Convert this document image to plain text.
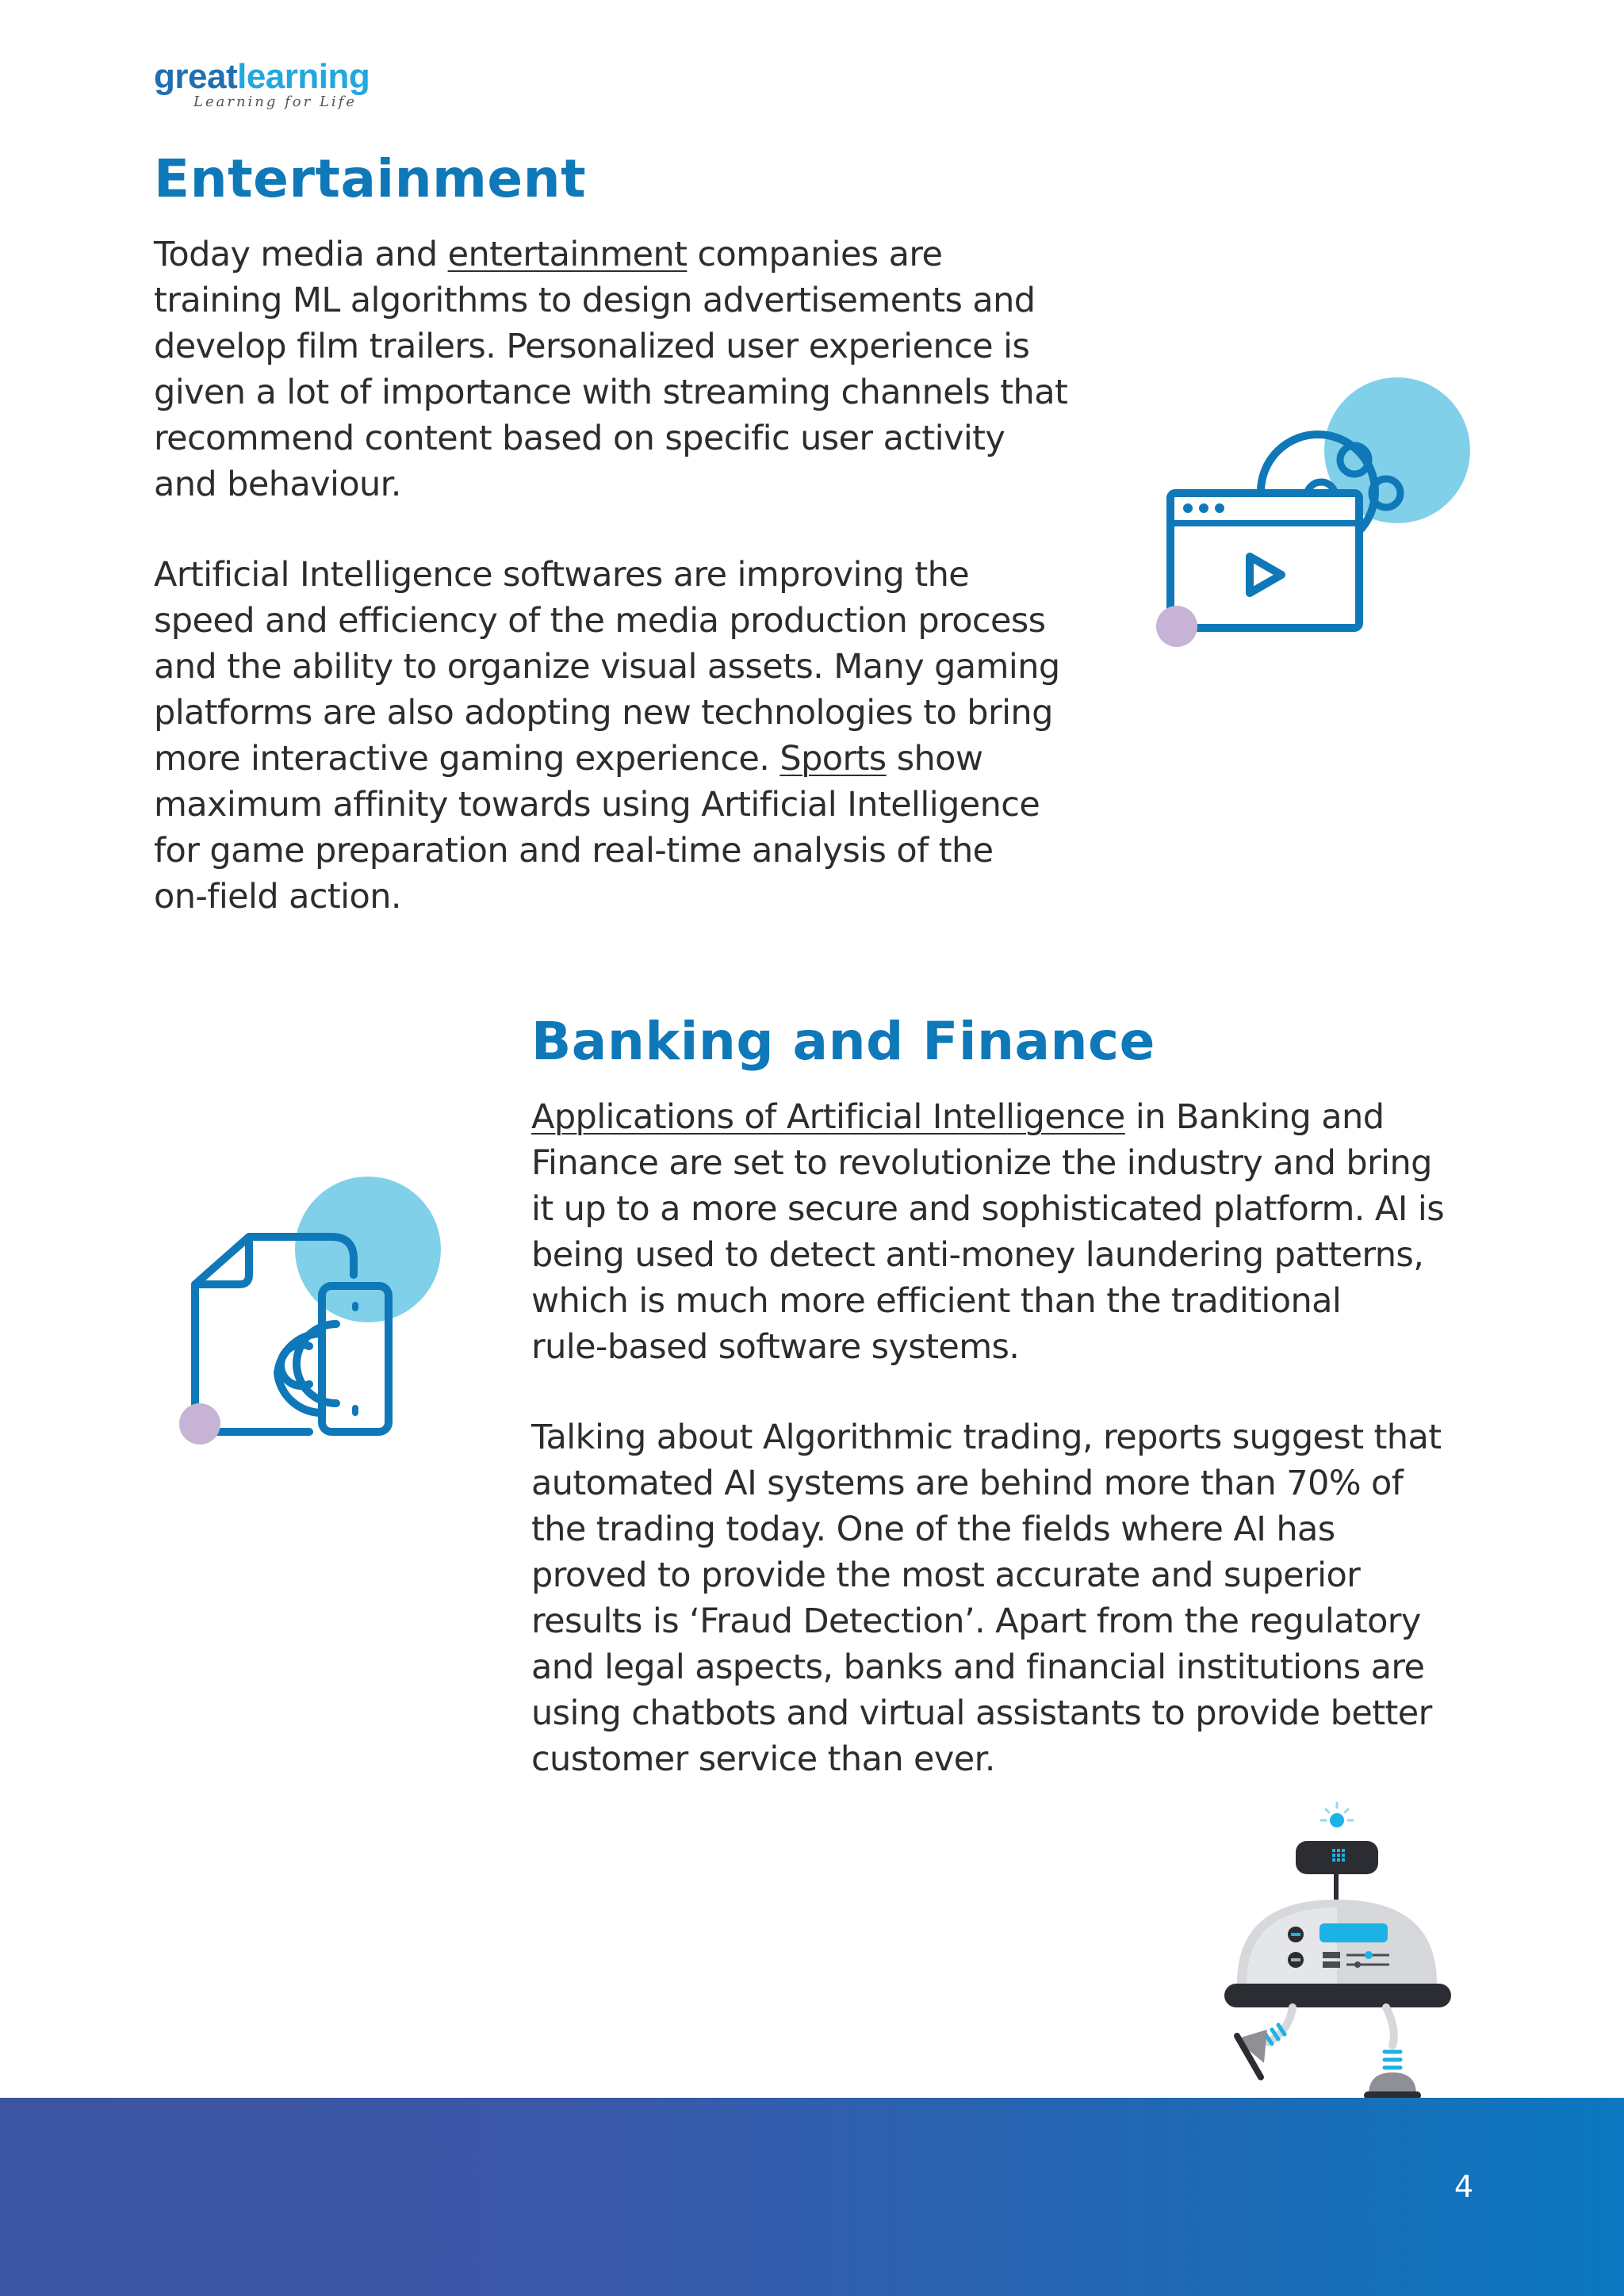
greatlearning
Learning for Life
Entertainment
Today media and entertainment companies are
training ML algorithms to design advertisements and
develop film trailers. Personalized user experience is
given a lot of importance with streaming channels that
recommend content based on specific user activity
and behaviour.
Artificial Intelligence softwares are improving the
speed and efficiency of the media production process
and the ability to organize visual assets. Many gaming
platforms are also adopting new technologies to bring
more interactive gaming experience. Sports show
maximum affinity towards using Artificial Intelligence
for game preparation and real-time analysis of the
on-field action.
Banking and Finance
Applications of Artificial Intelligence in Banking and
Finance are set to revolutionize the industry and bring
it up to a more secure and sophisticated platform. AI is
being used to detect anti-money laundering patterns,
which is much more efficient than the traditional
rule-based software systems.
Talking about Algorithmic trading, reports suggest that
automated AI systems are behind more than 70% of
the trading today. One of the fields where AI has
proved to provide the most accurate and superior
results is ‘Fraud Detection’. Apart from the regulatory
and legal aspects, banks and financial institutions are
using chatbots and virtual assistants to provide better
customer service than ever.
4
